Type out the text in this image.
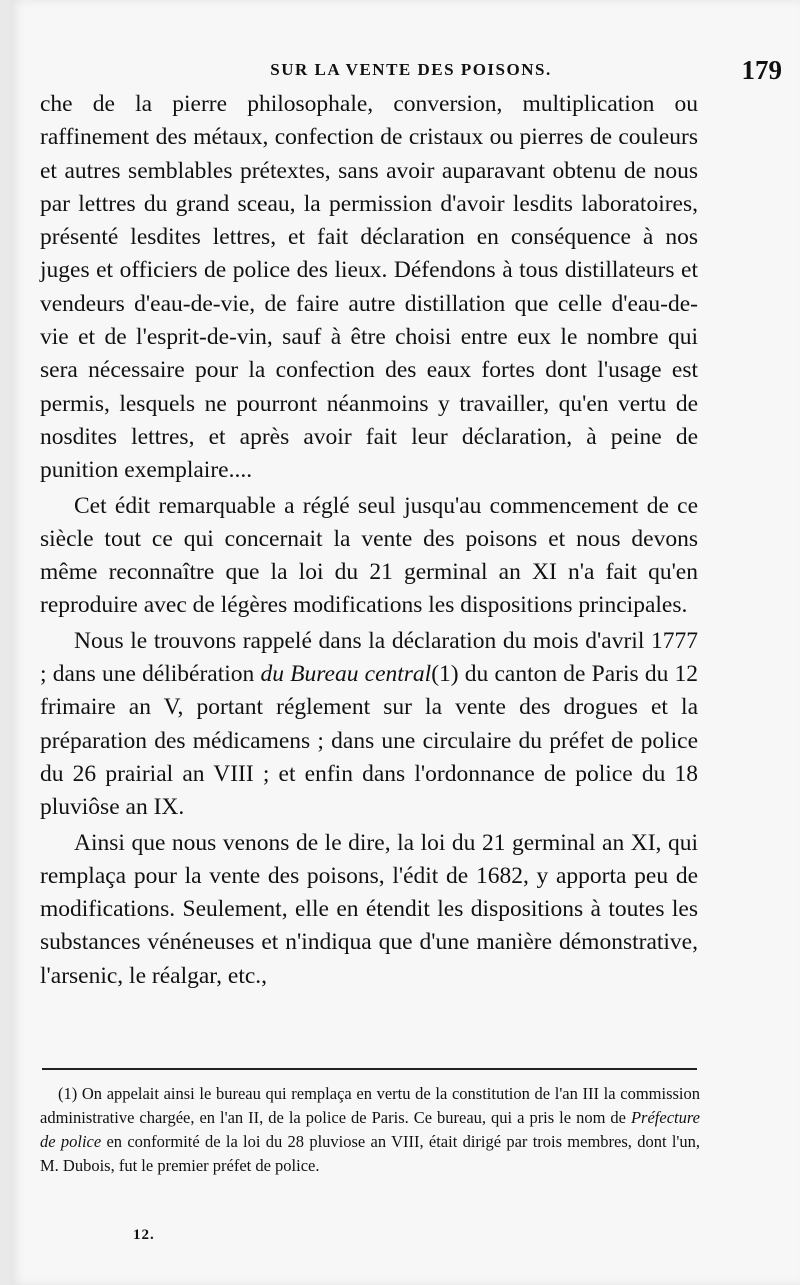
SUR LA VENTE DES POISONS.	179

che de la pierre philosophale, conversion, multiplication ou raffinement des métaux, confection de cristaux ou pierres de couleurs et autres semblables prétextes, sans avoir auparavant obtenu de nous par lettres du grand sceau, la permission d'avoir lesdits laboratoires, présenté lesdites lettres, et fait déclaration en conséquence à nos juges et officiers de police des lieux. Défendons à tous distillateurs et vendeurs d'eau-de-vie, de faire autre distillation que celle d'eau-de-vie et de l'esprit-de-vin, sauf à être choisi entre eux le nombre qui sera nécessaire pour la confection des eaux fortes dont l'usage est permis, lesquels ne pourront néanmoins y travailler, qu'en vertu de nosdites lettres, et après avoir fait leur déclaration, à peine de punition exemplaire....

Cet édit remarquable a réglé seul jusqu'au commencement de ce siècle tout ce qui concernait la vente des poisons et nous devons même reconnaître que la loi du 21 germinal an XI n'a fait qu'en reproduire avec de légères modifications les dispositions principales.

Nous le trouvons rappelé dans la déclaration du mois d'avril 1777 ; dans une délibération du Bureau central(1) du canton de Paris du 12 frimaire an V, portant réglement sur la vente des drogues et la préparation des médicamens ; dans une circulaire du préfet de police du 26 prairial an VIII ; et enfin dans l'ordonnance de police du 18 pluviôse an IX.

Ainsi que nous venons de le dire, la loi du 21 germinal an XI, qui remplaça pour la vente des poisons, l'édit de 1682, y apporta peu de modifications. Seulement, elle en étendit les dispositions à toutes les substances vénéneuses et n'indiqua que d'une manière démonstrative, l'arsenic, le réalgar, etc.,

(1) On appelait ainsi le bureau qui remplaça en vertu de la constitution de l'an III la commission administrative chargée, en l'an II, de la police de Paris. Ce bureau, qui a pris le nom de Préfecture de police en conformité de la loi du 28 pluviose an VIII, était dirigé par trois membres, dont l'un, M. Dubois, fut le premier préfet de police.

12.
